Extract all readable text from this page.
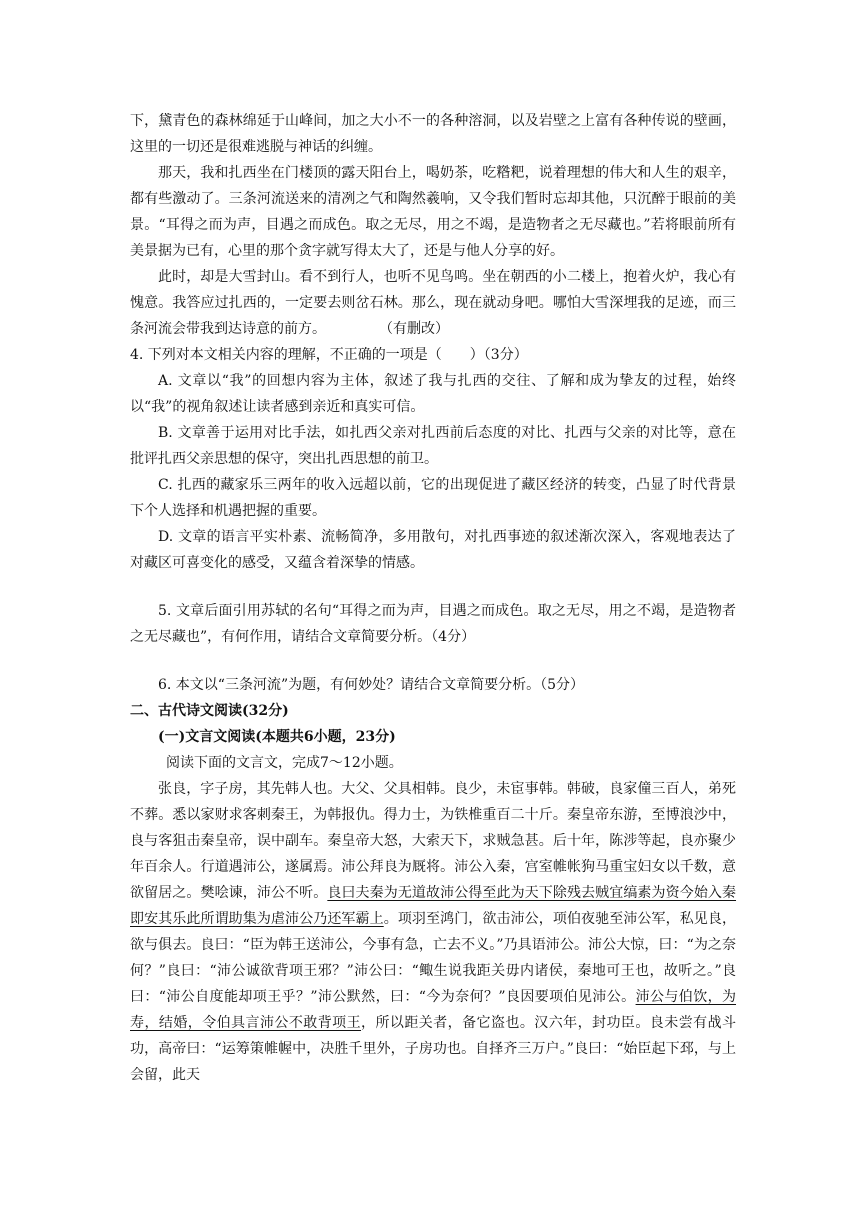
下，黛青色的森林绵延于山峰间，加之大小不一的各种溶洞，以及岩壁之上富有各种传说的壁画，这里的一切还是很难逃脱与神话的纠缠。

那天，我和扎西坐在门楼顶的露天阳台上，喝奶茶，吃糌粑，说着理想的伟大和人生的艰辛，都有些激动了。三条河流送来的清冽之气和陶然羲响，又令我们暂时忘却其他，只沉醉于眼前的美景。“耳得之而为声，目遇之而成色。取之无尽，用之不竭，是造物者之无尽藏也。”若将眼前所有美景据为已有，心里的那个贪字就写得太大了，还是与他人分享的好。

此时，却是大雪封山。看不到行人，也听不见鸟鸣。坐在朝西的小二楼上，抱着火炉，我心有愧意。我答应过扎西的，一定要去则岔石林。那么，现在就动身吧。哪怕大雪深埋我的足迹，而三条河流会带我到达诗意的前方。	（有删改）

4. 下列对本文相关内容的理解，不正确的一项是（　　）（3分）

A. 文章以“我”的回想内容为主体，叙述了我与扎西的交往、了解和成为挚友的过程，始终以“我”的视角叙述让读者感到亲近和真实可信。

B. 文章善于运用对比手法，如扎西父亲对扎西前后态度的对比、扎西与父亲的对比等，意在批评扎西父亲思想的保守，突出扎西思想的前卫。

C. 扎西的藏家乐三两年的收入远超以前，它的出现促进了藏区经济的转变，凸显了时代背景下个人选择和机遇把握的重要。

D. 文章的语言平实朴素、流畅简净，多用散句，对扎西事迹的叙述渐次深入，客观地表达了对藏区可喜变化的感受，又蕴含着深挚的情感。

5. 文章后面引用苏轼的名句“耳得之而为声，目遇之而成色。取之无尽，用之不竭，是造物者之无尽藏也”，有何作用，请结合文章简要分析。（4分）

6. 本文以“三条河流”为题，有何妙处？请结合文章简要分析。（5分）

二、古代诗文阅读(32分)

(一)文言文阅读(本题共6小题，23分)

阅读下面的文言文，完成7～12小题。

张良，字子房，其先韩人也。大父、父具相韩。良少，未宦事韩。韩破，良家僮三百人，弟死不葬。悉以家财求客刺秦王，为韩报仇。得力士，为铁椎重百二十斤。秦皇帝东游，至博浪沙中，良与客狙击秦皇帝，误中副车。秦皇帝大怒，大索天下，求贼急甚。后十年，陈涉等起，良亦聚少年百余人。行道遇沛公，遂属焉。沛公拜良为厩将。沛公入秦，宫室帷帐狗马重宝妇女以千数，意欲留居之。樊哙谏，沛公不听。良曰夫秦为无道故沛公得至此为天下除残去贼宜缟素为资今始入秦即安其乐此所谓助集为虐沛公乃还军霸上。项羽至鸿门，欲击沛公，项伯夜驰至沛公军，私见良，欲与俱去。良曰：“臣为韩王送沛公，今事有急，亡去不义。”乃具语沛公。沛公大惊，曰：“为之奈何？”良曰：“沛公诚欲背项王邪？”沛公曰：“鲰生说我距关毋内诸侯，秦地可王也，故听之。”良曰：“沛公自度能却项王乎？”沛公默然，曰：“今为奈何？”良因要项伯见沛公。沛公与伯饮，为寿，结婚，令伯具言沛公不敢背项王，所以距关者，备它盗也。汉六年，封功臣。良未尝有战斗功，高帝曰：“运筹策帷幄中，决胜千里外，子房功也。自择齐三万户。”良曰：“始臣起下邳，与上会留，此天
